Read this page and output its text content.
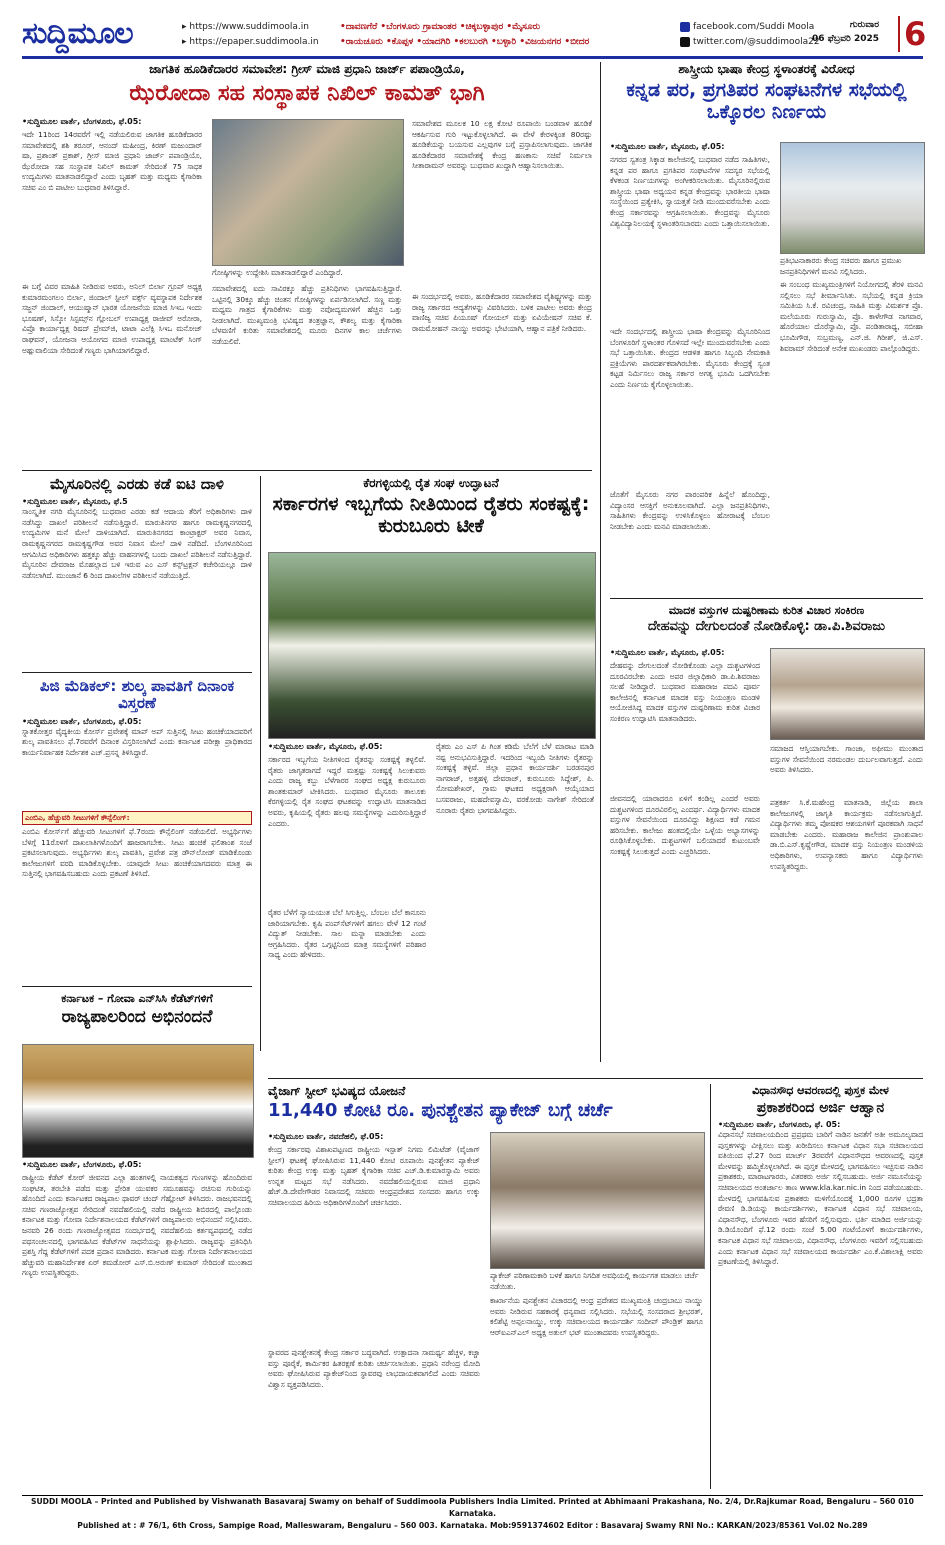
ಸುದ್ದಿಮೂಲ	▸ https://www.suddimoola.in
▸ https://epaper.suddimoola.in
•ದಾವಣಗೆರೆ •ಬೆಂಗಳೂರು ಗ್ರಾಮಾಂತರ •ಚಿಕ್ಕಬಳ್ಳಾಪುರ •ಮೈಸೂರು
•ರಾಯಚೂರು •ಕೊಪ್ಪಳ •ಯಾದಗಿರಿ •ಕಲಬುರಗಿ •ಬಳ್ಳಾರಿ •ವಿಜಯನಗರ •ಬೀದರ
facebook.com/Suddi Moola
twitter.com/@suddimoola22
ಗುರುವಾರ
06 ಫೆಬ್ರವರಿ 2025 6
ಜಾಗತಿಕ ಹೂಡಿಕೆದಾರರ ಸಮಾವೇಶ: ಗ್ರೀಸ್ ಮಾಜಿ ಪ್ರಧಾನಿ ಜಾರ್ಜ್ ಪಪಾಂಡ್ರಿಯೊ,
ಝೆರೋದಾ ಸಹ ಸಂಸ್ಥಾಪಕ ನಿಖಿಲ್ ಕಾಮತ್ ಭಾಗಿ
•ಸುದ್ದಿಮೂಲ ವಾರ್ತೆ, ಬೆಂಗಳೂರು, ಫೆ.05:
ಇದೇ 11ರಿಂದ 14ರವರೆಗೆ ಇಲ್ಲಿ ನಡೆಯಲಿರುವ ಜಾಗತಿಕ ಹೂಡಿಕೆದಾರರ ಸಮಾವೇಶದಲ್ಲಿ ಶಶಿ ತರೂರ್, ಆನಂದ್ ಮಹೀಂದ್ರ, ಕಿರಣ್ ಮಜುಂದಾರ್ ಷಾ, ಪ್ರಶಾಂತ್ ಪ್ರಕಾಶ್, ಗ್ರೀಸ್ ಮಾಜಿ ಪ್ರಧಾನಿ ಜಾರ್ಜ್ ಪಪಾಂಡ್ರಿಯೊ, ಝೆರೋದಾ ಸಹ ಸಂಸ್ಥಾಪಕ ನಿಖಿಲ್ ಕಾಮತ್ ಸೇರಿದಂತೆ 75 ಸಾಧಕ ಉದ್ಯಮಿಗಳು ಮಾತನಾಡಲಿದ್ದಾರೆ ಎಂದು ಬೃಹತ್ ಮತ್ತು ಮಧ್ಯಮ ಕೈಗಾರಿಕಾ ಸಚಿವ ಎಂ ಬಿ ಪಾಟೀಲ ಬುಧವಾರ ತಿಳಿಸಿದ್ದಾರೆ.
ಈ ಬಗ್ಗೆ ವಿವರ ಮಾಹಿತಿ ನೀಡಿರುವ ಅವರು, ಅನಿಲ್ ಬಿರ್ಲಾ ಗ್ರೂಪ್ ಅಧ್ಯಕ್ಷ ಕುಮಾರಮಂಗಲಂ ಬಿರ್ಲಾ, ಜಿಂದಾಲ್ ಸ್ಟೀಲ್ ವರ್ಕ್ಸ್ ವ್ಯವಸ್ಥಾಪಕ ನಿರ್ದೇಶಕ ಸಜ್ಜನ್ ಜಿಂದಾಲ್, ಆಯುಷ್ಮಾನ್ ಭಾರತ ಯೋಜನೆಯ ಮಾಜಿ ಸಿಇಒ ಇಂದು ಭೂಷಣ್, ಸಿಸ್ಕೋ ಸಿಸ್ಟಮ್ಸ್‌ನ ಗ್ಲೋಬಲ್ ಉಪಾಧ್ಯಕ್ಷ ರಾಜೀವ್ ಅರೋರಾ, ವಿಪ್ರೊ ಕಾರ್ಯಾಧ್ಯಕ್ಷ ರಿಷದ್ ಪ್ರೇಮ್‌ಜಿ, ಟಾಟಾ ಎಲೆಕ್ಸಿ ಸಿಇಒ ಮನೋಜ್ ರಾಘವನ್, ಯೋಜನಾ ಆಯೋಗದ ಮಾಜಿ ಉಪಾಧ್ಯಕ್ಷ ಮಾಂಟೆಕ್ ಸಿಂಗ್ ಅಹ್ಲುವಾಲಿಯಾ ಸೇರಿದಂತೆ ಗಣ್ಯರು ಭಾಗಿಯಾಗಲಿದ್ದಾರೆ.
ಗೋಷ್ಠಿಗಳನ್ನು ಉದ್ದೇಶಿಸಿ ಮಾತನಾಡಲಿದ್ದಾರೆ ಎಂದಿದ್ದಾರೆ.
ಸಮಾವೇಶದಲ್ಲಿ ಐದು ಸಾವಿರಕ್ಕೂ ಹೆಚ್ಚು ಪ್ರತಿನಿಧಿಗಳು ಭಾಗವಹಿಸುತ್ತಿದ್ದಾರೆ. ಒಟ್ಟಿನಲ್ಲಿ 30ಕ್ಕೂ ಹೆಚ್ಚು ಚಿಂತನ ಗೋಷ್ಠಿಗಳನ್ನು ಏರ್ಪಡಿಸಲಾಗಿದೆ. ಸಣ್ಣ ಮತ್ತು ಮಧ್ಯಮ ಗಾತ್ರದ ಕೈಗಾರಿಕೆಗಳು ಮತ್ತು ನವೋದ್ಯಮಗಳಿಗೆ ಹೆಚ್ಚಿನ ಒತ್ತು ನೀಡಲಾಗಿದೆ. ಮುಖ್ಯಮಂತ್ರಿ ಭವಿಷ್ಯದ ತಂತ್ರಜ್ಞಾನ, ಕೌಶಲ್ಯ ಮತ್ತು ಕೈಗಾರಿಕಾ ಬೆಳವಣಿಗೆ ಕುರಿತು ಸಮಾವೇಶದಲ್ಲಿ ಮೂರು ದಿನಗಳ ಕಾಲ ಚರ್ಚೆಗಳು ನಡೆಯಲಿವೆ.
ಸಮಾವೇಶದ ಮೂಲಕ 10 ಲಕ್ಷ ಕೋಟಿ ರೂಪಾಯಿ ಬಂಡವಾಳ ಹೂಡಿಕೆ ಆಕರ್ಷಿಸುವ ಗುರಿ ಇಟ್ಟುಕೊಳ್ಳಲಾಗಿದೆ. ಈ ವೇಳೆ ಕೇರಳಕ್ಕಿಂತ 80ರಷ್ಟು ಹೂಡಿಕೆಯನ್ನು ಬಯಸುವ ಎಲ್ಲವುಗಳ ಬಗ್ಗೆ ಪ್ರಸ್ತಾಪಿಸಲಾಗುವುದು. ಜಾಗತಿಕ ಹೂಡಿಕೆದಾರರ ಸಮಾವೇಶಕ್ಕೆ ಕೇಂದ್ರ ಹಣಕಾಸು ಸಚಿವೆ ನಿರ್ಮಲಾ ಸೀತಾರಾಮನ್ ಅವರನ್ನು ಬುಧವಾರ ಖುದ್ದಾಗಿ ಆಹ್ವಾನಿಸಲಾಯಿತು.
ಈ ಸಂದರ್ಭದಲ್ಲಿ ಅವರು, ಹೂಡಿಕೆದಾರರ ಸಮಾವೇಶದ ವೈಶಿಷ್ಟ್ಯಗಳನ್ನು ಮತ್ತು ರಾಜ್ಯ ಸರ್ಕಾರದ ಆದ್ಯತೆಗಳನ್ನು ವಿವರಿಸಿದರು. ಬಳಿಕ ಪಾಟೀಲ ಅವರು ಕೇಂದ್ರ ವಾಣಿಜ್ಯ ಸಚಿವ ಪಿಯೂಷ್ ಗೋಯಲ್ ಮತ್ತು ಏವಿಯೇಷನ್ ಸಚಿವ ಕೆ. ರಾಮಮೋಹನ್ ನಾಯ್ಡು ಅವರನ್ನು ಭೇಟಿಯಾಗಿ, ಆಹ್ವಾನ ಪತ್ರಿಕೆ ನೀಡಿದರು.
ಶಾಸ್ತ್ರೀಯ ಭಾಷಾ ಕೇಂದ್ರ ಸ್ಥಳಾಂತರಕ್ಕೆ ವಿರೋಧ
ಕನ್ನಡ ಪರ, ಪ್ರಗತಿಪರ ಸಂಘಟನೆಗಳ ಸಭೆಯಲ್ಲಿ ಒಕ್ಕೊರಲ ನಿರ್ಣಯ
•ಸುದ್ದಿಮೂಲ ವಾರ್ತೆ, ಮೈಸೂರು, ಫೆ.05:
ನಗರದ ಸ್ವತಂತ್ರ ಸಿಕ್ಕಾಡ ಕಾಲೇಜಿನಲ್ಲಿ ಬುಧವಾರ ನಡೆದ ಸಾಹಿತಿಗಳು, ಕನ್ನಡ ಪರ ಹಾಗೂ ಪ್ರಗತಿಪರ ಸಂಘಟನೆಗಳ ಸದಸ್ಯರ ಸಭೆಯಲ್ಲಿ ಕೆಳಕಂಡ ನಿರ್ಣಯಗಳನ್ನು ಅಂಗೀಕರಿಸಲಾಯಿತು. ಮೈಸೂರಿನಲ್ಲಿರುವ ಶಾಸ್ತ್ರೀಯ ಭಾಷಾ ಅಧ್ಯಯನ ಕನ್ನಡ ಕೇಂದ್ರವನ್ನು ಭಾರತೀಯ ಭಾಷಾ ಸಂಸ್ಥೆಯಿಂದ ಪ್ರತ್ಯೇಕಿಸಿ, ಸ್ವಾಯತ್ತತೆ ನೀಡಿ ಮುಂದುವರೆಸಬೇಕು ಎಂದು ಕೇಂದ್ರ ಸರ್ಕಾರವನ್ನು ಆಗ್ರಹಿಸಲಾಯಿತು. ಕೇಂದ್ರವನ್ನು ಮೈಸೂರು ವಿಶ್ವವಿದ್ಯಾನಿಲಯಕ್ಕೆ ಸ್ಥಳಾಂತರಿಸಬಾರದು ಎಂದು ಒತ್ತಾಯಿಸಲಾಯಿತು.
ಪ್ರತಿಭಟನಾಕಾರರು ಕೇಂದ್ರ ಸಚಿವರು ಹಾಗೂ ಪ್ರಮುಖ ಜನಪ್ರತಿನಿಧಿಗಳಿಗೆ ಮನವಿ ಸಲ್ಲಿಸಿದರು.
ಇದೇ ಸಂದರ್ಭದಲ್ಲಿ ಶಾಸ್ತ್ರೀಯ ಭಾಷಾ ಕೇಂದ್ರವನ್ನು ಮೈಸೂರಿನಿಂದ ಬೆಂಗಳೂರಿಗೆ ಸ್ಥಳಾಂತರ ಗೊಳಿಸದೆ ಇಲ್ಲೇ ಮುಂದುವರೆಸಬೇಕು ಎಂದು ಸಭೆ ಒತ್ತಾಯಿಸಿತು. ಕೇಂದ್ರದ ಆಡಳಿತ ಹಾಗೂ ಸಿಬ್ಬಂದಿ ನೇಮಕಾತಿ ಪ್ರಕ್ರಿಯೆಗಳು ಪಾರದರ್ಶಕವಾಗಿರಬೇಕು. ಮೈಸೂರು ಕೇಂದ್ರಕ್ಕೆ ಸ್ವಂತ ಕಟ್ಟಡ ನಿರ್ಮಿಸಲು ರಾಜ್ಯ ಸರ್ಕಾರ ಅಗತ್ಯ ಭೂಮಿ ಒದಗಿಸಬೇಕು ಎಂದು ನಿರ್ಣಯ ಕೈಗೊಳ್ಳಲಾಯಿತು.
ಜೊತೆಗೆ ಮೈಸೂರು ನಗರ ಪಾರಂಪರಿಕ ಹಿನ್ನೆಲೆ ಹೊಂದಿದ್ದು, ವಿದ್ಯಾಂಸರ ಆಸಕ್ತಿಗೆ ಅನುಕೂಲವಾಗಿದೆ. ಎಲ್ಲಾ ಜನಪ್ರತಿನಿಧಿಗಳು, ಸಾಹಿತಿಗಳು ಕೇಂದ್ರವನ್ನು ಉಳಿಸಿಕೊಳ್ಳಲು ಹೋರಾಟಕ್ಕೆ ಬೆಂಬಲ ನೀಡಬೇಕು ಎಂದು ಮನವಿ ಮಾಡಲಾಯಿತು.
ಈ ಸಂಬಂಧ ಮುಖ್ಯಮಂತ್ರಿಗಳಿಗೆ ನಿಯೋಗದಲ್ಲಿ ತೆರಳಿ ಮನವಿ ಸಲ್ಲಿಸಲು ಸಭೆ ತೀರ್ಮಾನಿಸಿತು. ಸಭೆಯಲ್ಲಿ ಕನ್ನಡ ಕ್ರಿಯಾ ಸಮಿತಿಯ ಸಿ.ಕೆ. ರವಿಚಂದ್ರ, ಸಾಹಿತಿ ಮತ್ತು ವಿಮರ್ಶಕ ಪ್ರೊ. ಮಲೆಯೂರು ಗುರುಸ್ವಾಮಿ, ಪ್ರೊ. ಕಾಳೇಗೌಡ ನಾಗವಾರ, ಹೊರೆಯಾಲ ದೊರೆಸ್ವಾಮಿ, ಪ್ರೊ. ಪಂಡಿತಾರಾಧ್ಯ, ಸಬೀಹಾ ಭೂಮಿಗೌಡ, ಸುಬ್ರಮಣ್ಯ, ಎನ್.ಜಿ. ಗಿರೀಶ್, ಜಿ.ಎಸ್. ಶಿವರಾಮ್ ಸೇರಿದಂತೆ ಅನೇಕ ಮುಖಂಡರು ಪಾಲ್ಗೊಂಡಿದ್ದರು.
ಮೈಸೂರಿನಲ್ಲಿ ಎರಡು ಕಡೆ ಐಟಿ ದಾಳಿ
•ಸುದ್ದಿಮೂಲ ವಾರ್ತೆ, ಮೈಸೂರು, ಫೆ.5
ಸಾಂಸ್ಕೃತಿಕ ನಗರಿ ಮೈಸೂರಿನಲ್ಲಿ ಬುಧವಾರ ಎರಡು ಕಡೆ ಆದಾಯ ತೆರಿಗೆ ಅಧಿಕಾರಿಗಳು ದಾಳಿ ನಡೆಸಿದ್ದು ದಾಖಲೆ ಪರಿಶೀಲನೆ ನಡೆಸುತ್ತಿದ್ದಾರೆ. ಮಾರುತಿನಗರ ಹಾಗೂ ರಾಮಕೃಷ್ಣನಗರದಲ್ಲಿ ಉದ್ಯಮಿಗಳ ಮನೆ ಮೇಲೆ ದಾಳಿಯಾಗಿದೆ. ಮಾರುತಿನಗರದ ಕಾಂಟ್ರಾಕ್ಟರ್ ಅವರ ನಿವಾಸ, ರಾಮಕೃಷ್ಣನಗರದ ರಾಮಕೃಷ್ಣಗೌಡ ಅವರ ನಿವಾಸ ಮೇಲೆ ದಾಳಿ ನಡೆದಿದೆ. ಬೆಂಗಳೂರಿನಿಂದ ಆಗಮಿಸಿದ ಅಧಿಕಾರಿಗಳು ಹತ್ತಕ್ಕೂ ಹೆಚ್ಚು ವಾಹನಗಳಲ್ಲಿ ಬಂದು ದಾಖಲೆ ಪರಿಶೀಲನೆ ನಡೆಸುತ್ತಿದ್ದಾರೆ. ಮೈಸೂರಿನ ದೇವರಾಜ ಮೊಹಲ್ಲಾದ ಬಳಿ ಇರುವ ಎಂ ಎಸ್ ಕನ್ಸ್‌ಟ್ರಕ್ಷನ್ ಕಚೇರಿಯಲ್ಲೂ ದಾಳಿ ನಡೆಸಲಾಗಿದೆ. ಮುಂಜಾನೆ 6 ರಿಂದ ದಾಖಲೆಗಳ ಪರಿಶೀಲನೆ ನಡೆಯುತ್ತಿದೆ.
ಕೆರಗಳ್ಳಿಯಲ್ಲಿ ರೈತ ಸಂಘ ಉದ್ಘಾಟನೆ
ಸರ್ಕಾರಗಳ ಇಬ್ಬಗೆಯ ನೀತಿಯಿಂದ ರೈತರು ಸಂಕಷ್ಟಕ್ಕೆ: ಕುರುಬೂರು ಟೀಕೆ
•ಸುದ್ದಿಮೂಲ ವಾರ್ತೆ, ಮೈಸೂರು, ಫೆ.05:
ಸರ್ಕಾರದ ಇಬ್ಬಗೆಯ ನೀತಿಗಳಿಂದ ರೈತರನ್ನು ಸಂಕಷ್ಟಕ್ಕೆ ತಳ್ಳಲಿವೆ. ರೈತರು ಜಾಗೃತರಾಗದೆ ಇದ್ದರೆ ಮತ್ತಷ್ಟು ಸಂಕಷ್ಟಕ್ಕೆ ಸಿಲುಕುವರು ಎಂದು ರಾಜ್ಯ ಕಬ್ಬು ಬೆಳೆಗಾರರ ಸಂಘದ ಅಧ್ಯಕ್ಷ ಕುರುಬೂರು ಶಾಂತಕುಮಾರ್ ಟೀಕಿಸಿದರು. ಬುಧವಾರ ಮೈಸೂರು ತಾಲೂಕು ಕೆರಗಳ್ಳಿಯಲ್ಲಿ ರೈತ ಸಂಘದ ಘಟಕವನ್ನು ಉದ್ಘಾಟಿಸಿ ಮಾತನಾಡಿದ ಅವರು, ಕೃಷಿಯಲ್ಲಿ ರೈತರು ಹಲವು ಸಮಸ್ಯೆಗಳನ್ನು ಎದುರಿಸುತ್ತಿದ್ದಾರೆ ಎಂದರು.
ರೈತರ ಬೆಳೆಗೆ ನ್ಯಾಯಯುತ ಬೆಲೆ ಸಿಗುತ್ತಿಲ್ಲ. ಬೆಂಬಲ ಬೆಲೆ ಕಾನೂನು ಜಾರಿಯಾಗಬೇಕು. ಕೃಷಿ ಪಂಪ್‌ಸೆಟ್‌ಗಳಿಗೆ ಹಗಲು ವೇಳೆ 12 ಗಂಟೆ ವಿದ್ಯುತ್ ನೀಡಬೇಕು. ಸಾಲ ಮನ್ನಾ ಮಾಡಬೇಕು ಎಂದು ಆಗ್ರಹಿಸಿದರು. ರೈತರ ಒಗ್ಗಟ್ಟಿನಿಂದ ಮಾತ್ರ ಸಮಸ್ಯೆಗಳಿಗೆ ಪರಿಹಾರ ಸಾಧ್ಯ ಎಂದು ಹೇಳಿದರು.
ರೈತರು ಎಂ ಎಸ್ ಪಿ ಗಿಂತ ಕಡಿಮೆ ಬೆಲೆಗೆ ಬೆಳೆ ಮಾರಾಟ ಮಾಡಿ ನಷ್ಟ ಅನುಭವಿಸುತ್ತಿದ್ದಾರೆ. ಇದರಿಂದ ಇಬ್ಬಂದಿ ನೀತಿಗಳು ರೈತರನ್ನು ಸಂಕಷ್ಟಕ್ಕೆ ತಳ್ಳಿವೆ. ಜಿಲ್ಲಾ ಪ್ರಧಾನ ಕಾರ್ಯದರ್ಶಿ ಬರಡನಪುರ ನಾಗರಾಜ್, ಅತ್ತಹಳ್ಳಿ ದೇವರಾಜ್, ಕುರುಬೂರು ಸಿದ್ದೇಶ್, ಪಿ. ಸೋಮಶೇಖರ್, ಗ್ರಾಮ ಘಟಕದ ಅಧ್ಯಕ್ಷರಾಗಿ ಆಯ್ಕೆಯಾದ ಬಸವರಾಜು, ಮಹದೇವಸ್ವಾಮಿ, ವರಕೋಡು ನಾಗೇಶ್ ಸೇರಿದಂತೆ ನೂರಾರು ರೈತರು ಭಾಗವಹಿಸಿದ್ದರು.
ಪಿಜಿ ಮೆಡಿಕಲ್: ಶುಲ್ಕ ಪಾವತಿಗೆ ದಿನಾಂಕ ವಿಸ್ತರಣೆ
•ಸುದ್ದಿಮೂಲ ವಾರ್ತೆ, ಬೆಂಗಳೂರು, ಫೆ.05:
ಸ್ನಾತಕೋತ್ತರ ವೈದ್ಯಕೀಯ ಕೋರ್ಸ್ ಪ್ರವೇಶಕ್ಕೆ ಮಾಪ್ ಅಪ್ ಸುತ್ತಿನಲ್ಲಿ ಸೀಟು ಹಂಚಿಕೆಯಾದವರಿಗೆ ಶುಲ್ಕ ಪಾವತಿಸಲು ಫೆ.7ರವರೆಗೆ ದಿನಾಂಕ ವಿಸ್ತರಿಸಲಾಗಿದೆ ಎಂದು ಕರ್ನಾಟಕ ಪರೀಕ್ಷಾ ಪ್ರಾಧಿಕಾರದ ಕಾರ್ಯನಿರ್ವಾಹಕ ನಿರ್ದೇಶಕ ಎಚ್.ಪ್ರಸನ್ನ ತಿಳಿಸಿದ್ದಾರೆ.
ಎಂಬಿಎ, ಹೆಚ್ಚುವರಿ ಸೀಟುಗಳಿಗೆ ಕೌನ್ಸೆಲಿಂಗ್:
ಎಂಬಿಎ ಕೋರ್ಸ್‌ಗೆ ಹೆಚ್ಚುವರಿ ಸೀಟುಗಳಿಗೆ ಫೆ.7ರಂದು ಕೌನ್ಸೆಲಿಂಗ್ ನಡೆಯಲಿದೆ. ಅಭ್ಯರ್ಥಿಗಳು ಬೆಳಿಗ್ಗೆ 11ರೊಳಗೆ ದಾಖಲಾತಿಗಳೊಂದಿಗೆ ಹಾಜರಾಗಬೇಕು. ಸೀಟು ಹಂಚಿಕೆ ಫಲಿತಾಂಶ ಸಂಜೆ ಪ್ರಕಟಿಸಲಾಗುವುದು. ಅಭ್ಯರ್ಥಿಗಳು ಶುಲ್ಕ ಪಾವತಿಸಿ, ಪ್ರವೇಶ ಪತ್ರ ಡೌನ್‌ಲೋಡ್ ಮಾಡಿಕೊಂಡು ಕಾಲೇಜುಗಳಿಗೆ ವರದಿ ಮಾಡಿಕೊಳ್ಳಬೇಕು. ಯಾವುದೇ ಸೀಟು ಹಂಚಿಕೆಯಾಗದವರು ಮಾತ್ರ ಈ ಸುತ್ತಿನಲ್ಲಿ ಭಾಗವಹಿಸಬಹುದು ಎಂದು ಪ್ರಕಟಣೆ ತಿಳಿಸಿದೆ.
ಕರ್ನಾಟಕ – ಗೋವಾ ಎನ್‌ಸಿಸಿ ಕೆಡೆಟ್‌ಗಳಿಗೆ
ರಾಜ್ಯಪಾಲರಿಂದ ಅಭಿನಂದನೆ
•ಸುದ್ದಿಮೂಲ ವಾರ್ತೆ, ಬೆಂಗಳೂರು, ಫೆ.05:
ರಾಷ್ಟ್ರೀಯ ಕೆಡೆಟ್ ಕೋರ್ ಜೀವನದ ಎಲ್ಲಾ ಹಂತಗಳಲ್ಲಿ ನಾಯಕತ್ವದ ಗುಣಗಳನ್ನು ಹೊಂದಿರುವ ಸಂಘಟಿತ, ತರಬೇತಿ ಪಡೆದ ಮತ್ತು ಪ್ರೇರಿತ ಯುವಕರ ಸಮೂಹವನ್ನು ರಚಿಸುವ ಗುರಿಯನ್ನು ಹೊಂದಿದೆ ಎಂದು ಕರ್ನಾಟಕದ ರಾಜ್ಯಪಾಲ ಥಾವರ್ ಚಂದ್ ಗೆಹ್ಲೋಟ್ ತಿಳಿಸಿದರು. ರಾಜಭವನದಲ್ಲಿ ಸಚಿವ ಗಣರಾಜ್ಯೋತ್ಸವ ಸೇರಿದಂತೆ ನವದೆಹಲಿಯಲ್ಲಿ ನಡೆದ ರಾಷ್ಟ್ರೀಯ ಶಿಬಿರದಲ್ಲಿ ಪಾಲ್ಗೊಂಡು ಕರ್ನಾಟಕ ಮತ್ತು ಗೋವಾ ನಿರ್ದೇಶನಾಲಯದ ಕೆಡೆಟ್‌ಗಳಿಗೆ ರಾಜ್ಯಪಾಲರು ಅಭಿನಂದನೆ ಸಲ್ಲಿಸಿದರು. ಜನವರಿ 26 ರಂದು ಗಣರಾಜ್ಯೋತ್ಸವದ ಸಂದರ್ಭದಲ್ಲಿ ನವದೆಹಲಿಯ ಕರ್ತವ್ಯಪಥದಲ್ಲಿ ನಡೆದ ಪಥಸಂಚಲನದಲ್ಲಿ ಭಾಗವಹಿಸಿದ ಕೆಡೆಟ್‌ಗಳ ಸಾಧನೆಯನ್ನು ಶ್ಲಾಘಿಸಿದರು. ರಾಜ್ಯವನ್ನು ಪ್ರತಿನಿಧಿಸಿ ಪ್ರಶಸ್ತಿ ಗೆದ್ದ ಕೆಡೆಟ್‌ಗಳಿಗೆ ಪದಕ ಪ್ರದಾನ ಮಾಡಿದರು. ಕರ್ನಾಟಕ ಮತ್ತು ಗೋವಾ ನಿರ್ದೇಶನಾಲಯದ ಹೆಚ್ಚುವರಿ ಮಹಾನಿರ್ದೇಶಕ ಏರ್ ಕಮಡೋರ್ ಎಸ್.ಬಿ.ಅರುಣ್ ಕುಮಾರ್ ಸೇರಿದಂತೆ ಮುಂತಾದ ಗಣ್ಯರು ಉಪಸ್ಥಿತರಿದ್ದರು.
ಮಾದಕ ವಸ್ತುಗಳ ದುಷ್ಪರಿಣಾಮ ಕುರಿತ ವಿಚಾರ ಸಂಕಿರಣ
ದೇಹವನ್ನು ದೇಗುಲದಂತೆ ನೋಡಿಕೊಳ್ಳಿ: ಡಾ.ಪಿ.ಶಿವರಾಜು
•ಸುದ್ದಿಮೂಲ ವಾರ್ತೆ, ಮೈಸೂರು, ಫೆ.05:
ದೇಹವನ್ನು ದೇಗುಲದಂತೆ ನೋಡಿಕೊಂಡು ಎಲ್ಲಾ ದುಶ್ಚಟಗಳಿಂದ ದೂರವಿರಬೇಕು ಎಂದು ಅಪರ ಜಿಲ್ಲಾಧಿಕಾರಿ ಡಾ.ಪಿ.ಶಿವರಾಜು ಸಲಹೆ ನೀಡಿದ್ದಾರೆ. ಬುಧವಾರ ಮಹಾರಾಜ ಪದವಿ ಪೂರ್ವ ಕಾಲೇಜಿನಲ್ಲಿ ಕರ್ನಾಟಕ ಮಾದಕ ವಸ್ತು ನಿಯಂತ್ರಣ ಮಂಡಳಿ ಆಯೋಜಿಸಿದ್ದ ಮಾದಕ ವಸ್ತುಗಳ ದುಷ್ಪರಿಣಾಮ ಕುರಿತ ವಿಚಾರ ಸಂಕಿರಣ ಉದ್ಘಾಟಿಸಿ ಮಾತನಾಡಿದರು.
ಸಮಾಜದ ಆಸ್ತಿಯಾಗಬೇಕು. ಗಾಂಜಾ, ಅಫೀಮು ಮುಂತಾದ ವಸ್ತುಗಳ ಸೇವನೆಯಿಂದ ನರಮಂಡಲ ದುರ್ಬಲವಾಗುತ್ತದೆ. ಎಂದು ಅವರು ತಿಳಿಸಿದರು.
ಜೀವನದಲ್ಲಿ ಯಾರಾದರೂ ಏಳಿಗೆ ಕಂಡಿಲ್ಲ ಎಂದರೆ ಅವರು ದುಶ್ಚಟಗಳಿಂದ ದೂರವಿರಲಿಲ್ಲ ಎಂದರ್ಥ. ವಿದ್ಯಾರ್ಥಿಗಳು ಮಾದಕ ವಸ್ತುಗಳ ಸೇವನೆಯಿಂದ ದೂರವಿದ್ದು ಶಿಕ್ಷಣದ ಕಡೆ ಗಮನ ಹರಿಸಬೇಕು. ಕಾಲೇಜು ಹಂತದಲ್ಲಿಯೇ ಒಳ್ಳೆಯ ಅಭ್ಯಾಸಗಳನ್ನು ರೂಢಿಸಿಕೊಳ್ಳಬೇಕು. ದುಶ್ಚಟಗಳಿಗೆ ಬಲಿಯಾದರೆ ಕುಟುಂಬವೇ ಸಂಕಷ್ಟಕ್ಕೆ ಸಿಲುಕುತ್ತದೆ ಎಂದು ಎಚ್ಚರಿಸಿದರು.
ಪತ್ರಕರ್ತ ಸಿ.ಕೆ.ಮಹೇಂದ್ರ ಮಾತನಾಡಿ, ಜಿಲ್ಲೆಯ ಶಾಲಾ ಕಾಲೇಜುಗಳಲ್ಲಿ ಜಾಗೃತಿ ಕಾರ್ಯಕ್ರಮ ನಡೆಸಲಾಗುತ್ತಿದೆ. ವಿದ್ಯಾರ್ಥಿಗಳು ತಮ್ಮ ಪೋಷಕರ ಆಶಯಗಳಿಗೆ ಪೂರಕವಾಗಿ ಸಾಧನೆ ಮಾಡಬೇಕು ಎಂದರು. ಮಹಾರಾಜ ಕಾಲೇಜಿನ ಪ್ರಾಂಶುಪಾಲ ಡಾ.ಬಿ.ಎಸ್.ಕೃಷ್ಣೇಗೌಡ, ಮಾದಕ ವಸ್ತು ನಿಯಂತ್ರಣ ಮಂಡಳಿಯ ಅಧಿಕಾರಿಗಳು, ಉಪನ್ಯಾಸಕರು ಹಾಗೂ ವಿದ್ಯಾರ್ಥಿಗಳು ಉಪಸ್ಥಿತರಿದ್ದರು.
ವೈಜಾಗ್ ಸ್ಟೀಲ್ ಭವಿಷ್ಯದ ಯೋಜನೆ
11,440 ಕೋಟಿ ರೂ. ಪುನಶ್ಚೇತನ ಪ್ಯಾಕೇಜ್ ಬಗ್ಗೆ ಚರ್ಚೆ
•ಸುದ್ದಿಮೂಲ ವಾರ್ತೆ, ನವದೆಹಲಿ, ಫೆ.05:
ಕೇಂದ್ರ ಸರ್ಕಾರವು ವಿಶಾಖಪಟ್ಟಣದ ರಾಷ್ಟ್ರೀಯ ಇಸ್ಪಾತ್ ನಿಗಮ ಲಿಮಿಟೆಡ್ (ವೈಜಾಗ್ ಸ್ಟೀಲ್) ಘಟಕಕ್ಕೆ ಘೋಷಿಸಿರುವ 11,440 ಕೋಟಿ ರೂಪಾಯಿ ಪುನಶ್ಚೇತನ ಪ್ಯಾಕೇಜ್ ಕುರಿತು ಕೇಂದ್ರ ಉಕ್ಕು ಮತ್ತು ಬೃಹತ್ ಕೈಗಾರಿಕಾ ಸಚಿವ ಎಚ್.ಡಿ.ಕುಮಾರಸ್ವಾಮಿ ಅವರು ಉನ್ನತ ಮಟ್ಟದ ಸಭೆ ನಡೆಸಿದರು. ನವದೆಹಲಿಯಲ್ಲಿರುವ ಮಾಜಿ ಪ್ರಧಾನಿ ಹೆಚ್.ಡಿ.ದೇವೇಗೌಡರ ನಿವಾಸದಲ್ಲಿ ಸಚಿವರು ಆಂಧ್ರಪ್ರದೇಶದ ಸಂಸದರು ಹಾಗೂ ಉಕ್ಕು ಸಚಿವಾಲಯದ ಹಿರಿಯ ಅಧಿಕಾರಿಗಳೊಂದಿಗೆ ಚರ್ಚಿಸಿದರು.
ಸ್ಥಾವರದ ಪುನಶ್ಚೇತನಕ್ಕೆ ಕೇಂದ್ರ ಸರ್ಕಾರ ಬದ್ಧವಾಗಿದೆ. ಉತ್ಪಾದನಾ ಸಾಮರ್ಥ್ಯ ಹೆಚ್ಚಳ, ಕಚ್ಚಾ ವಸ್ತು ಪೂರೈಕೆ, ಕಾರ್ಮಿಕರ ಹಿತರಕ್ಷಣೆ ಕುರಿತು ಚರ್ಚಿಸಲಾಯಿತು. ಪ್ರಧಾನಿ ನರೇಂದ್ರ ಮೋದಿ ಅವರು ಘೋಷಿಸಿರುವ ಪ್ಯಾಕೇಜ್‌ನಿಂದ ಸ್ಥಾವರವು ಲಾಭದಾಯಕವಾಗಲಿದೆ ಎಂದು ಸಚಿವರು ವಿಶ್ವಾಸ ವ್ಯಕ್ತಪಡಿಸಿದರು.
ಪ್ಯಾಕೇಜ್ ಪರಿಣಾಮಕಾರಿ ಬಳಕೆ ಹಾಗೂ ನಿಗದಿತ ಅವಧಿಯಲ್ಲಿ ಕಾರ್ಯಗತ ಮಾಡಲು ಚರ್ಚೆ ನಡೆಯಿತು.
ಕಾರ್ಖಾನೆಯ ಪುನಶ್ಚೇತನ ವಿಚಾರದಲ್ಲಿ ಆಂಧ್ರ ಪ್ರದೇಶದ ಮುಖ್ಯಮಂತ್ರಿ ಚಂದ್ರಬಾಬು ನಾಯ್ಡು ಅವರು ನೀಡಿರುವ ಸಹಕಾರಕ್ಕೆ ಧನ್ಯವಾದ ಸಲ್ಲಿಸಿದರು. ಸಭೆಯಲ್ಲಿ ಸಂಸದರಾದ ಶ್ರೀಭರತ್, ಕಲಿಶೆಟ್ಟಿ ಅಪ್ಪಲನಾಯ್ಡು, ಉಕ್ಕು ಸಚಿವಾಲಯದ ಕಾರ್ಯದರ್ಶಿ ಸಂದೀಪ್ ಪೌಂಡ್ರಿಕ್ ಹಾಗೂ ಆರ್‌ಐಎನ್‌ಎಲ್ ಅಧ್ಯಕ್ಷ ಅತುಲ್ ಭಟ್ ಮುಂತಾದವರು ಉಪಸ್ಥಿತರಿದ್ದರು.
ವಿಧಾನಸೌಧ ಆವರಣದಲ್ಲಿ ಪುಸ್ತಕ ಮೇಳ
ಪ್ರಕಾಶಕರಿಂದ ಅರ್ಜಿ ಆಹ್ವಾನ
•ಸುದ್ದಿಮೂಲ ವಾರ್ತೆ, ಬೆಂಗಳೂರು, ಫೆ. 05:
ವಿಧಾನಸಭೆ ಸಚಿವಾಲಯದಿಂದ ಪ್ರಪ್ರಥಮ ಬಾರಿಗೆ ನಾಡಿನ ಜನತೆಗೆ ಅತೀ ಅಮೂಲ್ಯವಾದ ಪುಸ್ತಕಗಳನ್ನು ವೀಕ್ಷಿಸಲು ಮತ್ತು ಖರೀದಿಸಲು ಕರ್ನಾಟಕ ವಿಧಾನ ಸಭಾ ಸಚಿವಾಲಯದ ವತಿಯಿಂದ ಫೆ.27 ರಿಂದ ಮಾರ್ಚ್ 3ರವರೆಗೆ ವಿಧಾನಸೌಧದ ಆವರಣದಲ್ಲಿ ಪುಸ್ತಕ ಮೇಳವನ್ನು ಹಮ್ಮಿಕೊಳ್ಳಲಾಗಿದೆ. ಈ ಪುಸ್ತಕ ಮೇಳದಲ್ಲಿ ಭಾಗವಹಿಸಲು ಇಚ್ಛಿಸುವ ನಾಡಿನ ಪ್ರಕಾಶಕರು, ಮಾರಾಟಗಾರರು, ವಿತರಕರು ಅರ್ಜಿ ಸಲ್ಲಿಸಬಹುದು. ಅರ್ಜಿ ನಮೂನೆಯನ್ನು ಸಚಿವಾಲಯದ ಅಂತರ್ಜಾಲ ತಾಣ www.kla.kar.nic.in ನಿಂದ ಪಡೆಯಬಹುದು. ಮೇಳದಲ್ಲಿ ಭಾಗವಹಿಸುವ ಪ್ರಕಾಶಕರು ಮಳಿಗೆಯೊಂದಕ್ಕೆ 1,000 ರೂಗಳ ಭದ್ರತಾ ಠೇವಣಿ ಡಿ.ಡಿಯನ್ನು ಕಾರ್ಯದರ್ಶಿಗಳು, ಕರ್ನಾಟಕ ವಿಧಾನ ಸಭೆ ಸಚಿವಾಲಯ, ವಿಧಾನಸೌಧ, ಬೆಂಗಳೂರು ಇವರ ಹೆಸರಿಗೆ ಸಲ್ಲಿಸುವುದು. ಭರ್ತಿ ಮಾಡಿದ ಅರ್ಜಿಯನ್ನು ಡಿ.ಡಿಯೊಂದಿಗೆ ಫೆ.12 ರಂದು ಸಂಜೆ 5.00 ಗಂಟೆಯೊಳಗೆ ಕಾರ್ಯದರ್ಶಿಗಳು, ಕರ್ನಾಟಕ ವಿಧಾನ ಸಭೆ ಸಚಿವಾಲಯ, ವಿಧಾನಸೌಧ, ಬೆಂಗಳೂರು ಇವರಿಗೆ ಸಲ್ಲಿಸಬಹುದು ಎಂದು ಕರ್ನಾಟಕ ವಿಧಾನ ಸಭೆ ಸಚಿವಾಲಯದ ಕಾರ್ಯದರ್ಶಿ ಎಂ.ಕೆ.ವಿಶಾಲಾಕ್ಷಿ ಅವರು ಪ್ರಕಟಣೆಯಲ್ಲಿ ತಿಳಿಸಿದ್ದಾರೆ.
SUDDI MOOLA – Printed and Published by Vishwanath Basavaraj Swamy on behalf of Suddimoola Publishers India Limited. Printed at Abhimaani Prakashana, No. 2/4, Dr.Rajkumar Road, Bengaluru – 560 010 Karnataka.
Published at : # 76/1, 6th Cross, Sampige Road, Malleswaram, Bengaluru – 560 003. Karnataka. Mob:9591374602 Editor : Basavaraj Swamy RNI No.: KARKAN/2023/85361 Vol.02 No.289
